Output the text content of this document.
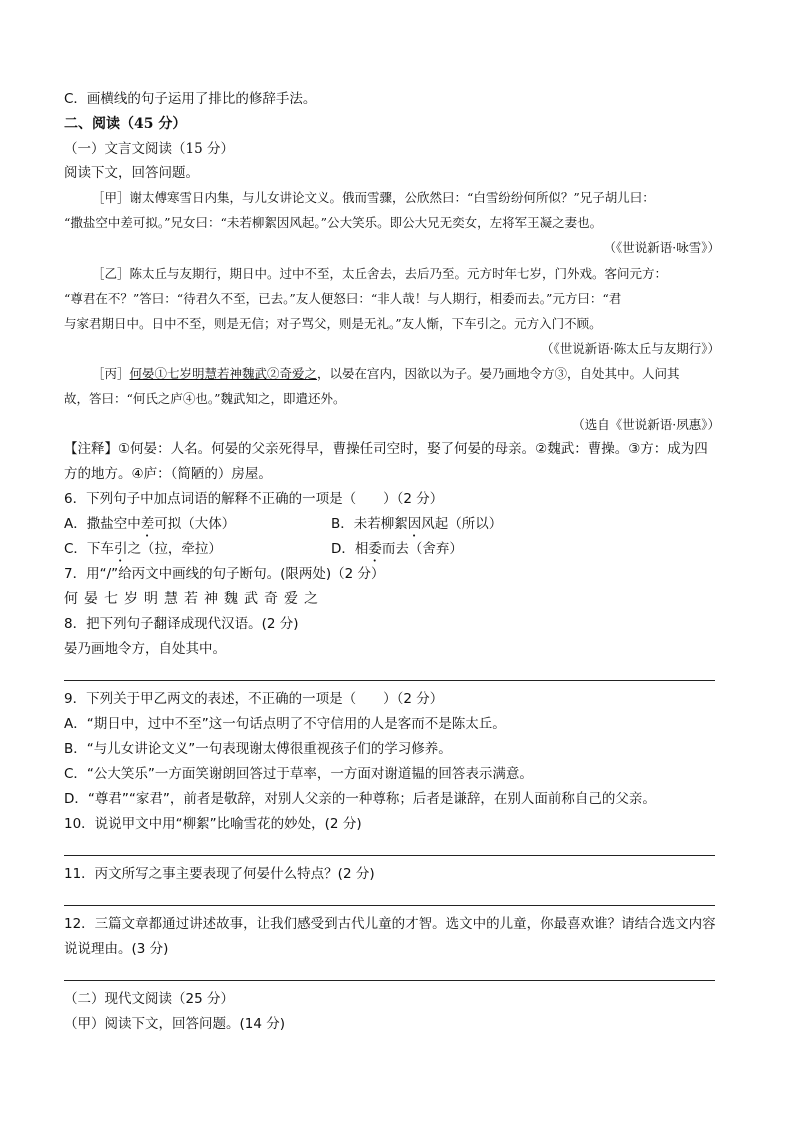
C．画横线的句子运用了排比的修辞手法。
二、阅读（45 分）
（一）文言文阅读（15 分）
阅读下文，回答问题。
［甲］谢太傅寒雪日内集，与儿女讲论文义。俄而雪骤，公欣然曰：“白雪纷纷何所似？”兄子胡儿曰：
“撒盐空中差可拟。”兄女曰：“未若柳絮因风起。”公大笑乐。即公大兄无奕女，左将军王凝之妻也。
（《世说新语·咏雪》）
［乙］陈太丘与友期行，期日中。过中不至，太丘舍去，去后乃至。元方时年七岁，门外戏。客问元方：
“尊君在不？”答曰：“待君久不至，已去。”友人便怒曰：“非人哉！与人期行，相委而去。”元方曰：“君
与家君期日中。日中不至，则是无信；对子骂父，则是无礼。”友人惭，下车引之。元方入门不顾。
（《世说新语·陈太丘与友期行》）
［丙］何晏①七岁明慧若神魏武②奇爱之，以晏在宫内，因欲以为子。晏乃画地令方③，自处其中。人问其
故，答曰：“何氏之庐④也。”魏武知之，即遣还外。
（选自《世说新语·夙惠》）
【注释】①何晏：人名。何晏的父亲死得早，曹操任司空时，娶了何晏的母亲。②魏武：曹操。③方：成为四
方的地方。④庐：（简陋的）房屋。
6．下列句子中加点词语的解释不正确的一项是（　　）（2 分）
A．撒盐空中差可拟（大体）	B．未若柳絮因风起（所以）
C．下车引之（拉，牵拉）	D．相委而去（舍弃）
7．用“/”给丙文中画线的句子断句。(限两处)（2 分）
何晏七岁明慧若神魏武奇爱之
8．把下列句子翻译成现代汉语。(2 分)
晏乃画地令方，自处其中。
9．下列关于甲乙两文的表述，不正确的一项是（　　）（2 分）
A．“期日中，过中不至”这一句话点明了不守信用的人是客而不是陈太丘。
B．“与儿女讲论文义”一句表现谢太傅很重视孩子们的学习修养。
C．“公大笑乐”一方面笑谢朗回答过于草率，一方面对谢道韫的回答表示满意。
D．“尊君”“家君”，前者是敬辞，对别人父亲的一种尊称；后者是谦辞，在别人面前称自己的父亲。
10．说说甲文中用“柳絮”比喻雪花的妙处，(2 分)
11．丙文所写之事主要表现了何晏什么特点？(2 分)
12．三篇文章都通过讲述故事，让我们感受到古代儿童的才智。选文中的儿童，你最喜欢谁？请结合选文内容
说说理由。(3 分)
（二）现代文阅读（25 分）
（甲）阅读下文，回答问题。(14 分)
